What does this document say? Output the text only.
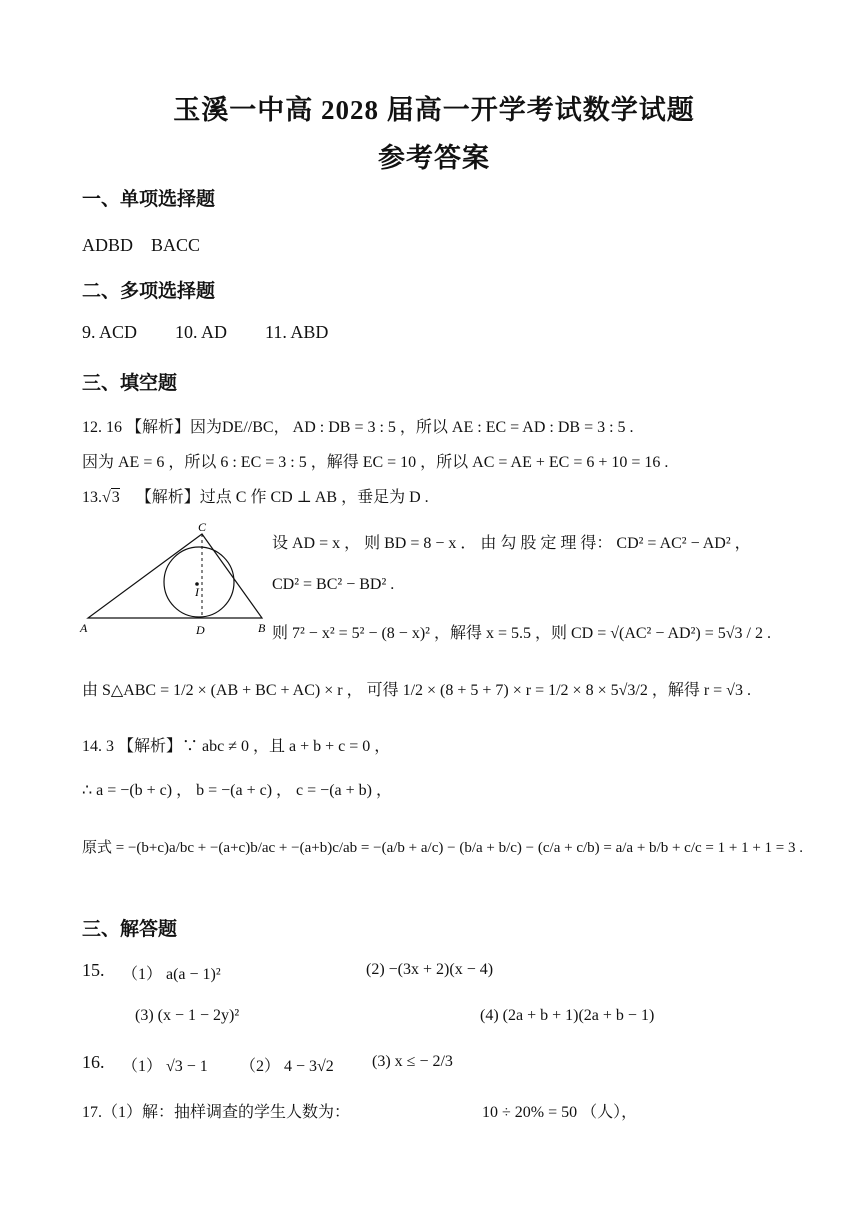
玉溪一中高 2028 届高一开学考试数学试题
参考答案
一、单项选择题
ADBD　BACC
二、多项选择题
9. ACD 10. AD 11. ABD
三、填空题
12. 16 【解析】因为DE//BC， AD : DB = 3 : 5 ，所以 AE : EC = AD : DB = 3 : 5 .
因为 AE = 6 ，所以 6 : EC = 3 : 5 ，解得 EC = 10 ，所以 AC = AE + EC = 6 + 10 = 16 .
13.√3 【解析】过点 C 作 CD ⊥ AB ，垂足为 D .
C
A	B
D
I
设 AD = x ， 则 BD = 8 − x ． 由 勾 股 定 理 得： CD² = AC² − AD² ，
CD² = BC² − BD² .
则 7² − x² = 5² − (8 − x)² ，解得 x = 5.5 ，则 CD = √(AC² − AD²) = 5√3 / 2 .
由 S△ABC = 1/2 × (AB + BC + AC) × r ， 可得 1/2 × (8 + 5 + 7) × r = 1/2 × 8 × 5√3/2 ，解得 r = √3 .
14. 3 【解析】∵ abc ≠ 0 ，且 a + b + c = 0 ，
∴ a = −(b + c) ， b = −(a + c) ， c = −(a + b) ，
原式 = −(b+c)a/bc + −(a+c)b/ac + −(a+b)c/ab = −(a/b + a/c) − (b/a + b/c) − (c/a + c/b) = a/a + b/b + c/c = 1 + 1 + 1 = 3 .
三、解答题
15. （1） a(a − 1)²	(2) −(3x + 2)(x − 4)
(3) (x − 1 − 2y)²	(4) (2a + b + 1)(2a + b − 1)
16. （1） √3 − 1 （2） 4 − 3√2 (3) x ≤ − 2/3
17.（1）解：抽样调查的学生人数为：	10 ÷ 20% = 50 （人），
